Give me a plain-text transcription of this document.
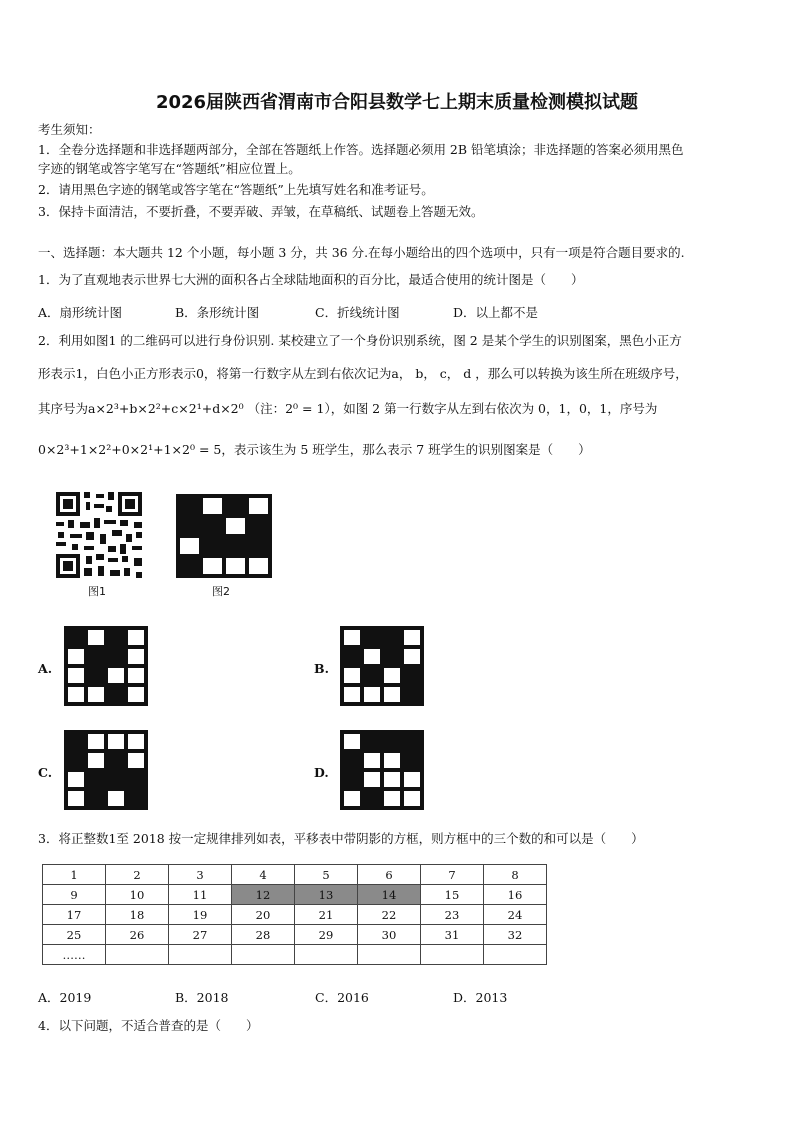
2026届陕西省渭南市合阳县数学七上期末质量检测模拟试题
考生须知：
1．全卷分选择题和非选择题两部分，全部在答题纸上作答。选择题必须用 2B 铅笔填涂；非选择题的答案必须用黑色
字迹的钢笔或答字笔写在“答题纸”相应位置上。
2．请用黑色字迹的钢笔或答字笔在“答题纸”上先填写姓名和准考证号。
3．保持卡面清洁，不要折叠，不要弄破、弄皱，在草稿纸、试题卷上答题无效。
一、选择题：本大题共 12 个小题，每小题 3 分，共 36 分.在每小题给出的四个选项中，只有一项是符合题目要求的.
1．为了直观地表示世界七大洲的面积各占全球陆地面积的百分比，最适合使用的统计图是（　　）
A．扇形统计图	B．条形统计图	C．折线统计图	D．以上都不是
2．利用如图1 的二维码可以进行身份识别. 某校建立了一个身份识别系统，图 2 是某个学生的识别图案，黑色小正方
形表示1，白色小正方形表示0，将第一行数字从左到右依次记为a， b， c， d ，那么可以转换为该生所在班级序号，
其序号为a×2³+b×2²+c×2¹+d×2⁰ （注：2⁰ = 1），如图 2 第一行数字从左到右依次为 0，1，0，1，序号为
0×2³+1×2²+0×2¹+1×2⁰ = 5，表示该生为 5 班学生，那么表示 7 班学生的识别图案是（　　）
图1	图2
A.	B.
C.	D.
3．将正整数1至 2018 按一定规律排列如表，平移表中带阴影的方框，则方框中的三个数的和可以是（　　）
1	2	3	4	5	6	7	8
9	10	11	12	13	14	15	16
17	18	19	20	21	22	23	24
25	26	27	28	29	30	31	32
……							
A．2019	B．2018	C．2016	D．2013
4．以下问题，不适合普查的是（　　）
